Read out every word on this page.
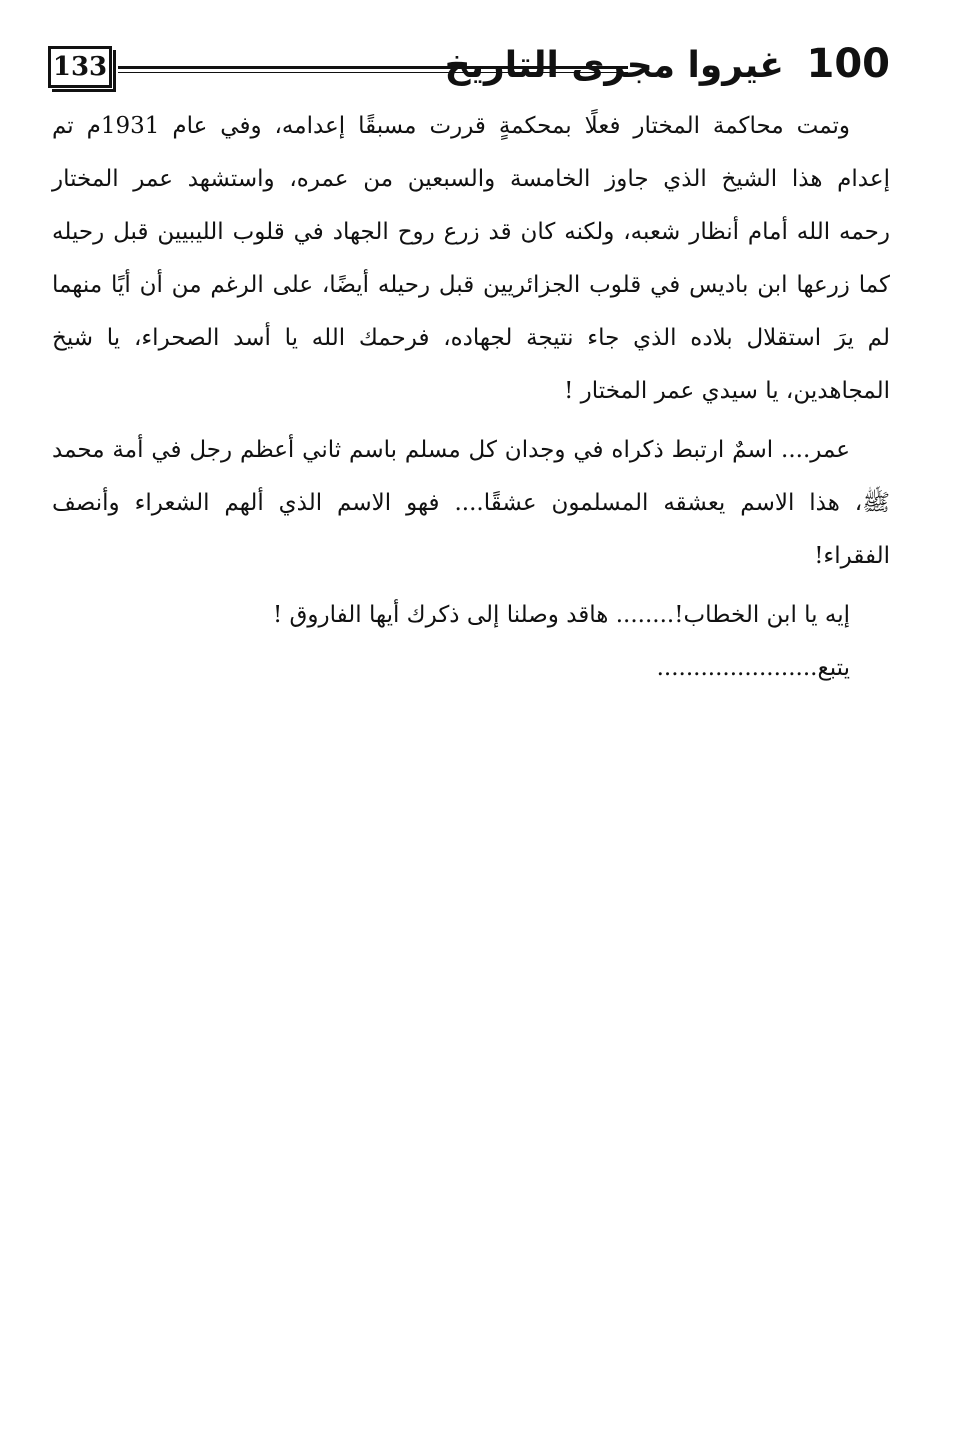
133	100 غيروا مجرى التاريخ
وتمت محاكمة المختار فعلًا بمحكمةٍ قررت مسبقًا إعدامه، وفي عام 1931م تم
إعدام هذا الشيخ الذي جاوز الخامسة والسبعين من عمره، واستشهد عمر المختار
رحمه الله أمام أنظار شعبه، ولكنه كان قد زرع روح الجهاد في قلوب الليبيين قبل رحيله
كما زرعها ابن باديس في قلوب الجزائريين قبل رحيله أيضًا، على الرغم من أن أيًا منهما
لم يرَ استقلال بلاده الذي جاء نتيجة لجهاده، فرحمك الله يا أسد الصحراء، يا شيخ
المجاهدين، يا سيدي عمر المختار !
عمر.... اسمٌ ارتبط ذكراه في وجدان كل مسلم باسم ثاني أعظم رجل في أمة محمد
ﷺ، هذا الاسم يعشقه المسلمون عشقًا.... فهو الاسم الذي ألهم الشعراء وأنصف
الفقراء!
إيه يا ابن الخطاب!........ هاقد وصلنا إلى ذكرك أيها الفاروق !
يتبع......................
